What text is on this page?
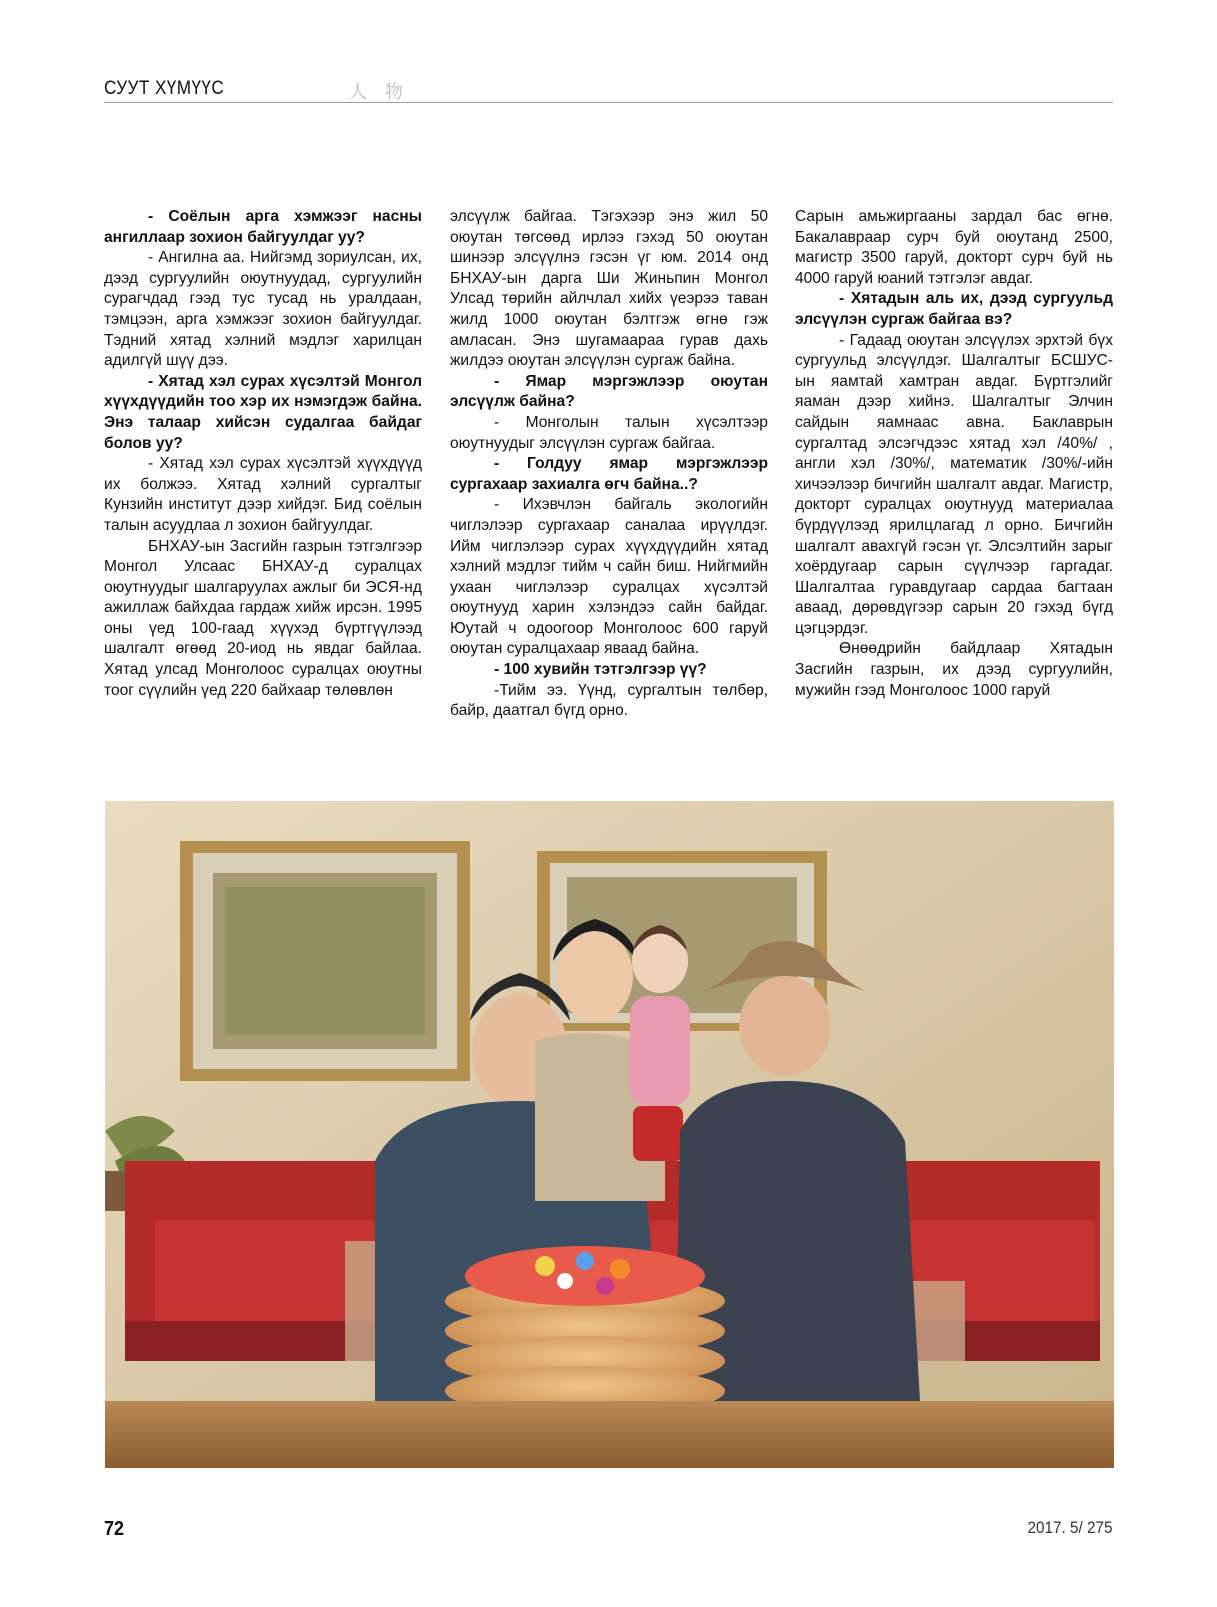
СУУТ ХҮМҮҮС	人物

- Соёлын арга хэмжээг насны ангиллаар зохион байгуулдаг уу?

- Ангилна аа. Нийгэмд зориулсан, их, дээд сургуулийн оюутнуудад, сургуулийн сурагчдад гээд тус тусад нь уралдаан, тэмцээн, арга хэмжээг зохион байгуулдаг. Тэдний хятад хэлний мэдлэг харилцан адилгүй шүү дээ.

- Хятад хэл сурах хүсэлтэй Монгол хүүхдүүдийн тоо хэр их нэмэгдэж байна. Энэ талаар хийсэн судалгаа байдаг болов уу?

- Хятад хэл сурах хүсэлтэй хүүхдүүд их болжээ. Хятад хэлний сургалтыг Кунзийн институт дээр хийдэг. Бид соёлын талын асуудлаа л зохион байгуулдаг.

БНХАУ-ын Засгийн газрын тэтгэлгээр Монгол Улсаас БНХАУ-д суралцах оюутнуудыг шалгаруулах ажлыг би ЭСЯ-нд ажиллаж байхдаа гардаж хийж ирсэн. 1995 оны үед 100-гаад хүүхэд бүртгүүлээд шалгалт өгөөд 20-иод нь явдаг байлаа. Хятад улсад Монголоос суралцах оюутны тоог сүүлийн үед 220 байхаар төлөвлөн

элсүүлж байгаа. Тэгэхээр энэ жил 50 оюутан төгсөөд ирлээ гэхэд 50 оюутан шинээр элсүүлнэ гэсэн үг юм. 2014 онд БНХАУ-ын дарга Ши Жиньпин Монгол Улсад төрийн айлчлал хийх үеэрээ таван жилд 1000 оюутан бэлтгэж өгнө гэж амласан. Энэ шугамаараа гурав дахь жилдээ оюутан элсүүлэн сургаж байна.

- Ямар мэргэжлээр оюутан элсүүлж байна?

- Монголын талын хүсэлтээр оюутнуудыг элсүүлэн сургаж байгаа.

- Голдуу ямар мэргэжлээр сургахаар захиалга өгч байна..?

- Ихэвчлэн байгаль экологийн чиглэлээр сургахаар саналаа ирүүлдэг. Ийм чиглэлээр сурах хүүхдүүдийн хятад хэлний мэдлэг тийм ч сайн биш. Нийгмийн ухаан чиглэлээр суралцах хүсэлтэй оюутнууд харин хэлэндээ сайн байдаг. Юутай ч одоогоор Монголоос 600 гаруй оюутан суралцахаар яваад байна.

- 100 хувийн тэтгэлгээр үү?

-Тийм ээ. Үүнд, сургалтын төлбөр, байр, даатгал бүгд орно.

Сарын амьжиргааны зардал бас өгнө. Бакалавраар сурч буй оюутанд 2500, магистр 3500 гаруй, докторт сурч буй нь 4000 гаруй юаний тэтгэлэг авдаг.

- Хятадын аль их, дээд сургуульд элсүүлэн сургаж байгаа вэ?

- Гадаад оюутан элсүүлэх эрхтэй бүх сургуульд элсүүлдэг. Шалгалтыг БСШУС-ын яамтай хамтран авдаг. Бүртгэлийг яаман дээр хийнэ. Шалгалтыг Элчин сайдын яамнаас авна. Баклаврын сургалтад элсэгчдээс хятад хэл /40%/ , англи хэл /30%/, математик /30%/-ийн хичээлээр бичгийн шалгалт авдаг. Магистр, докторт суралцах оюутнууд материалаа бүрдүүлээд ярилцлагад л орно. Бичгийн шалгалт авахгүй гэсэн үг. Элсэлтийн зарыг хоёрдугаар сарын сүүлчээр гаргадаг. Шалгалтаа гуравдугаар сардаа багтаан аваад, дөрөвдүгээр сарын 20 гэхэд бүгд цэгцэрдэг.

Өнөөдрийн байдлаар Хятадын Засгийн газрын, их дээд сургуулийн, мужийн гээд Монголоос 1000 гаруй

72	2017. 5/ 275
